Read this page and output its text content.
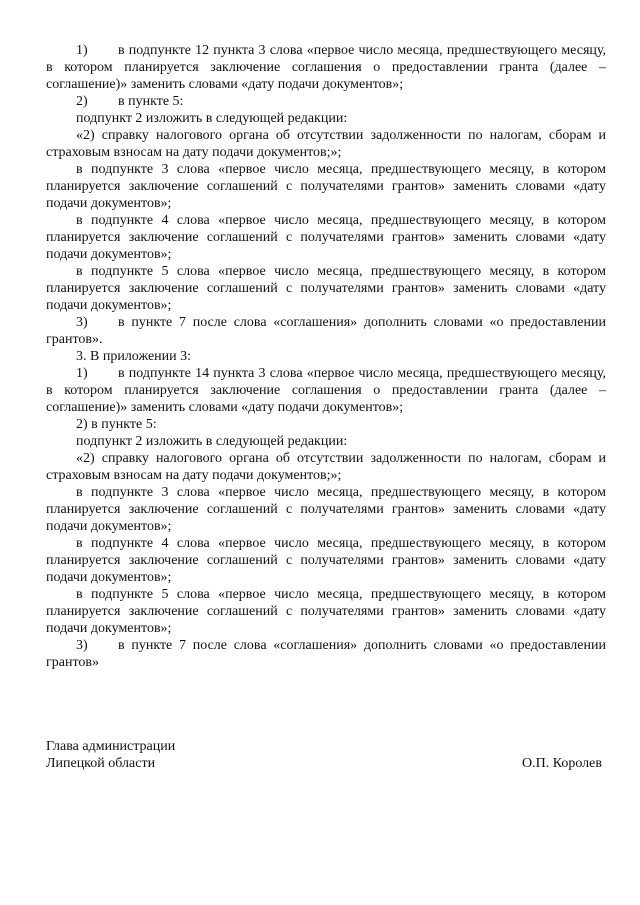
1) в подпункте 12 пункта 3 слова «первое число месяца, предшествующего месяцу, в котором планируется заключение соглашения о предоставлении гранта (далее – соглашение)» заменить словами «дату подачи документов»;

2) в пункте 5:

подпункт 2 изложить в следующей редакции:

«2) справку налогового органа об отсутствии задолженности по налогам, сборам и страховым взносам на дату подачи документов;»;

в подпункте 3 слова «первое число месяца, предшествующего месяцу, в котором планируется заключение соглашений с получателями грантов» заменить словами «дату подачи документов»;

в подпункте 4 слова «первое число месяца, предшествующего месяцу, в котором планируется заключение соглашений с получателями грантов» заменить словами «дату подачи документов»;

в подпункте 5 слова «первое число месяца, предшествующего месяцу, в котором планируется заключение соглашений с получателями грантов» заменить словами «дату подачи документов»;

3) в пункте 7 после слова «соглашения» дополнить словами «о предоставлении грантов».

3. В приложении 3:

1) в подпункте 14 пункта 3 слова «первое число месяца, предшествующего месяцу, в котором планируется заключение соглашения о предоставлении гранта (далее – соглашение)» заменить словами «дату подачи документов»;

2) в пункте 5:

подпункт 2 изложить в следующей редакции:

«2) справку налогового органа об отсутствии задолженности по налогам, сборам и страховым взносам на дату подачи документов;»;

в подпункте 3 слова «первое число месяца, предшествующего месяцу, в котором планируется заключение соглашений с получателями грантов» заменить словами «дату подачи документов»;

в подпункте 4 слова «первое число месяца, предшествующего месяцу, в котором планируется заключение соглашений с получателями грантов» заменить словами «дату подачи документов»;

в подпункте 5 слова «первое число месяца, предшествующего месяцу, в котором планируется заключение соглашений с получателями грантов» заменить словами «дату подачи документов»;

3) в пункте 7 после слова «соглашения» дополнить словами «о предоставлении грантов»

Глава администрации
Липецкой области	О.П. Королев
